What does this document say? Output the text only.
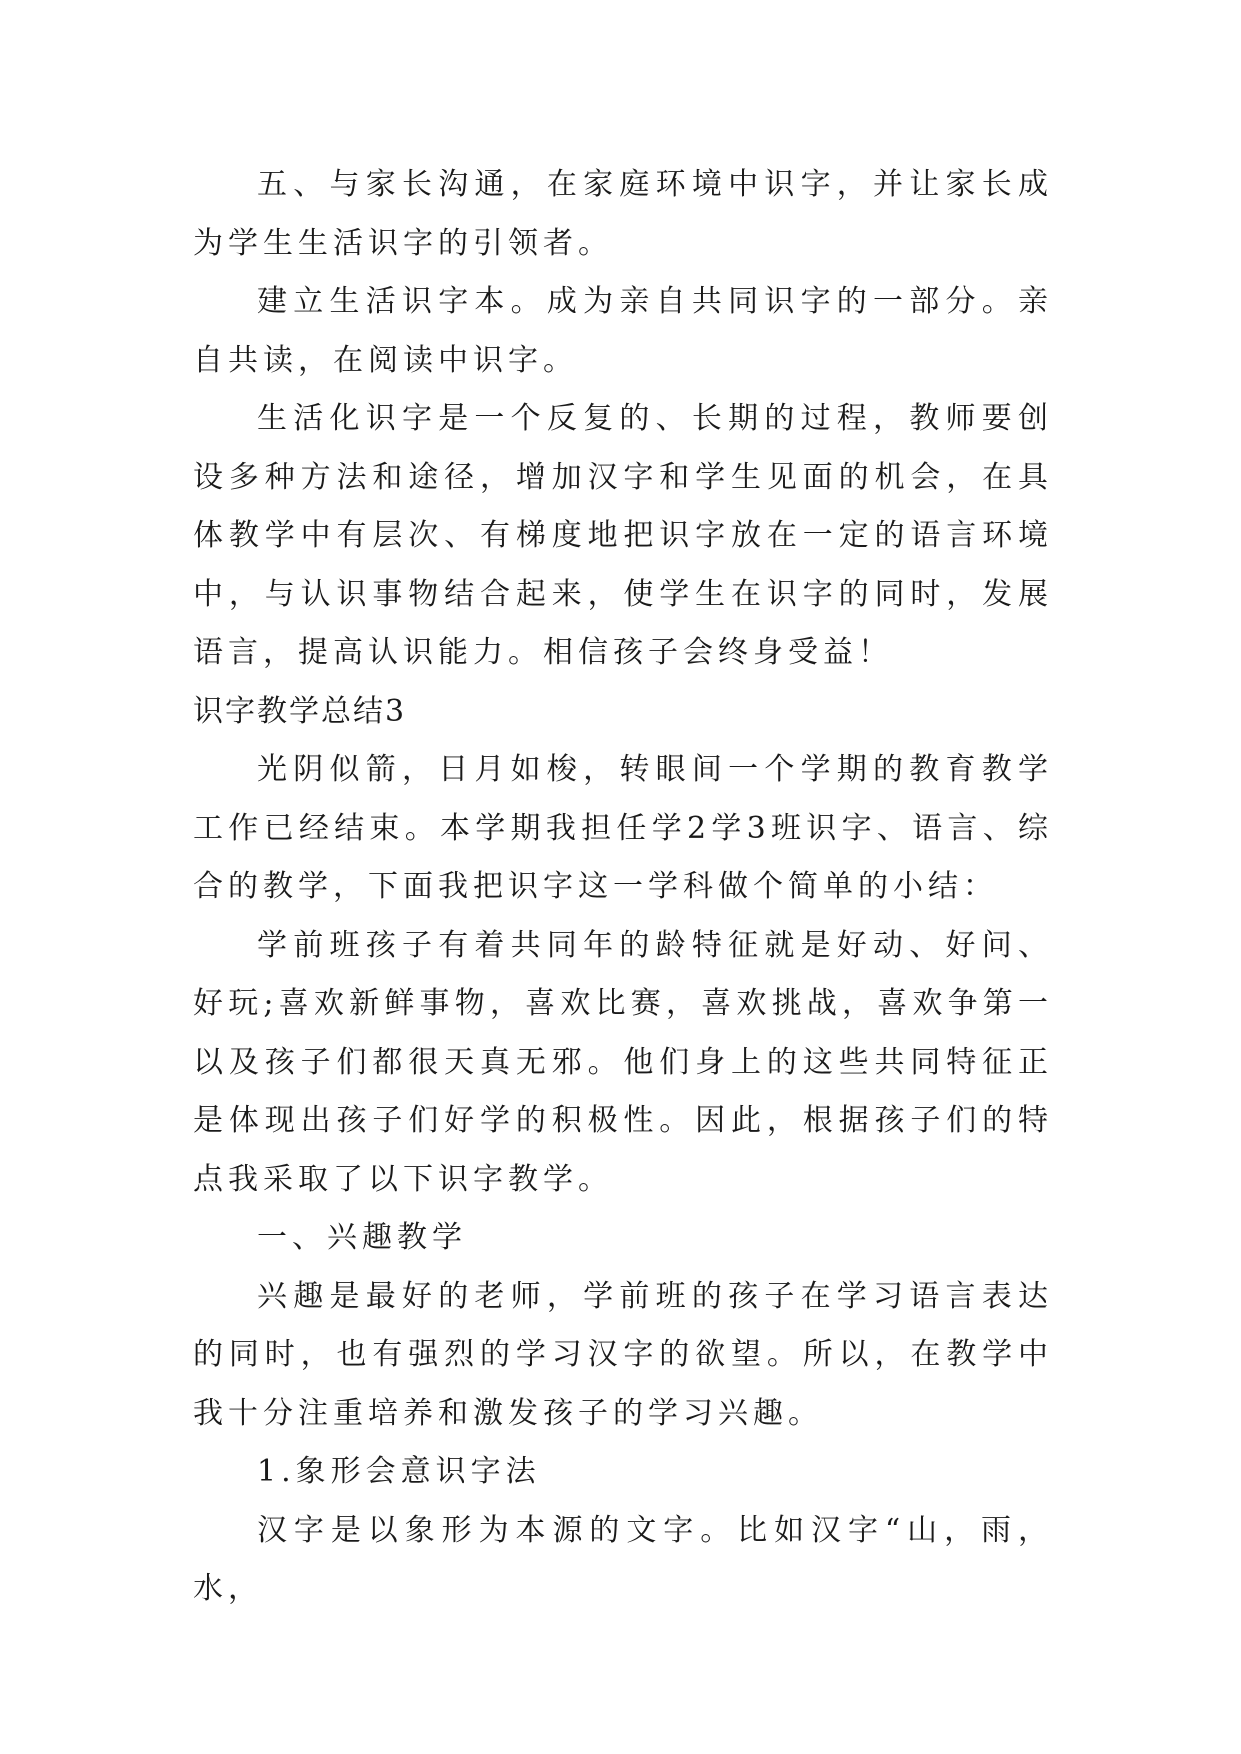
五、与家长沟通，在家庭环境中识字，并让家长成为学生生活识字的引领者。

建立生活识字本。成为亲自共同识字的一部分。亲自共读，在阅读中识字。

生活化识字是一个反复的、长期的过程，教师要创设多种方法和途径，增加汉字和学生见面的机会，在具体教学中有层次、有梯度地把识字放在一定的语言环境中，与认识事物结合起来，使学生在识字的同时，发展语言，提高认识能力。相信孩子会终身受益！

识字教学总结3

光阴似箭，日月如梭，转眼间一个学期的教育教学工作已经结束。本学期我担任学2学3班识字、语言、综合的教学，下面我把识字这一学科做个简单的小结：

学前班孩子有着共同年的龄特征就是好动、好问、好玩;喜欢新鲜事物，喜欢比赛，喜欢挑战，喜欢争第一以及孩子们都很天真无邪。他们身上的这些共同特征正是体现出孩子们好学的积极性。因此，根据孩子们的特点我采取了以下识字教学。

一、兴趣教学

兴趣是最好的老师，学前班的孩子在学习语言表达的同时，也有强烈的学习汉字的欲望。所以，在教学中我十分注重培养和激发孩子的学习兴趣。

1.象形会意识字法

汉字是以象形为本源的文字。比如汉字“山，雨，水，
